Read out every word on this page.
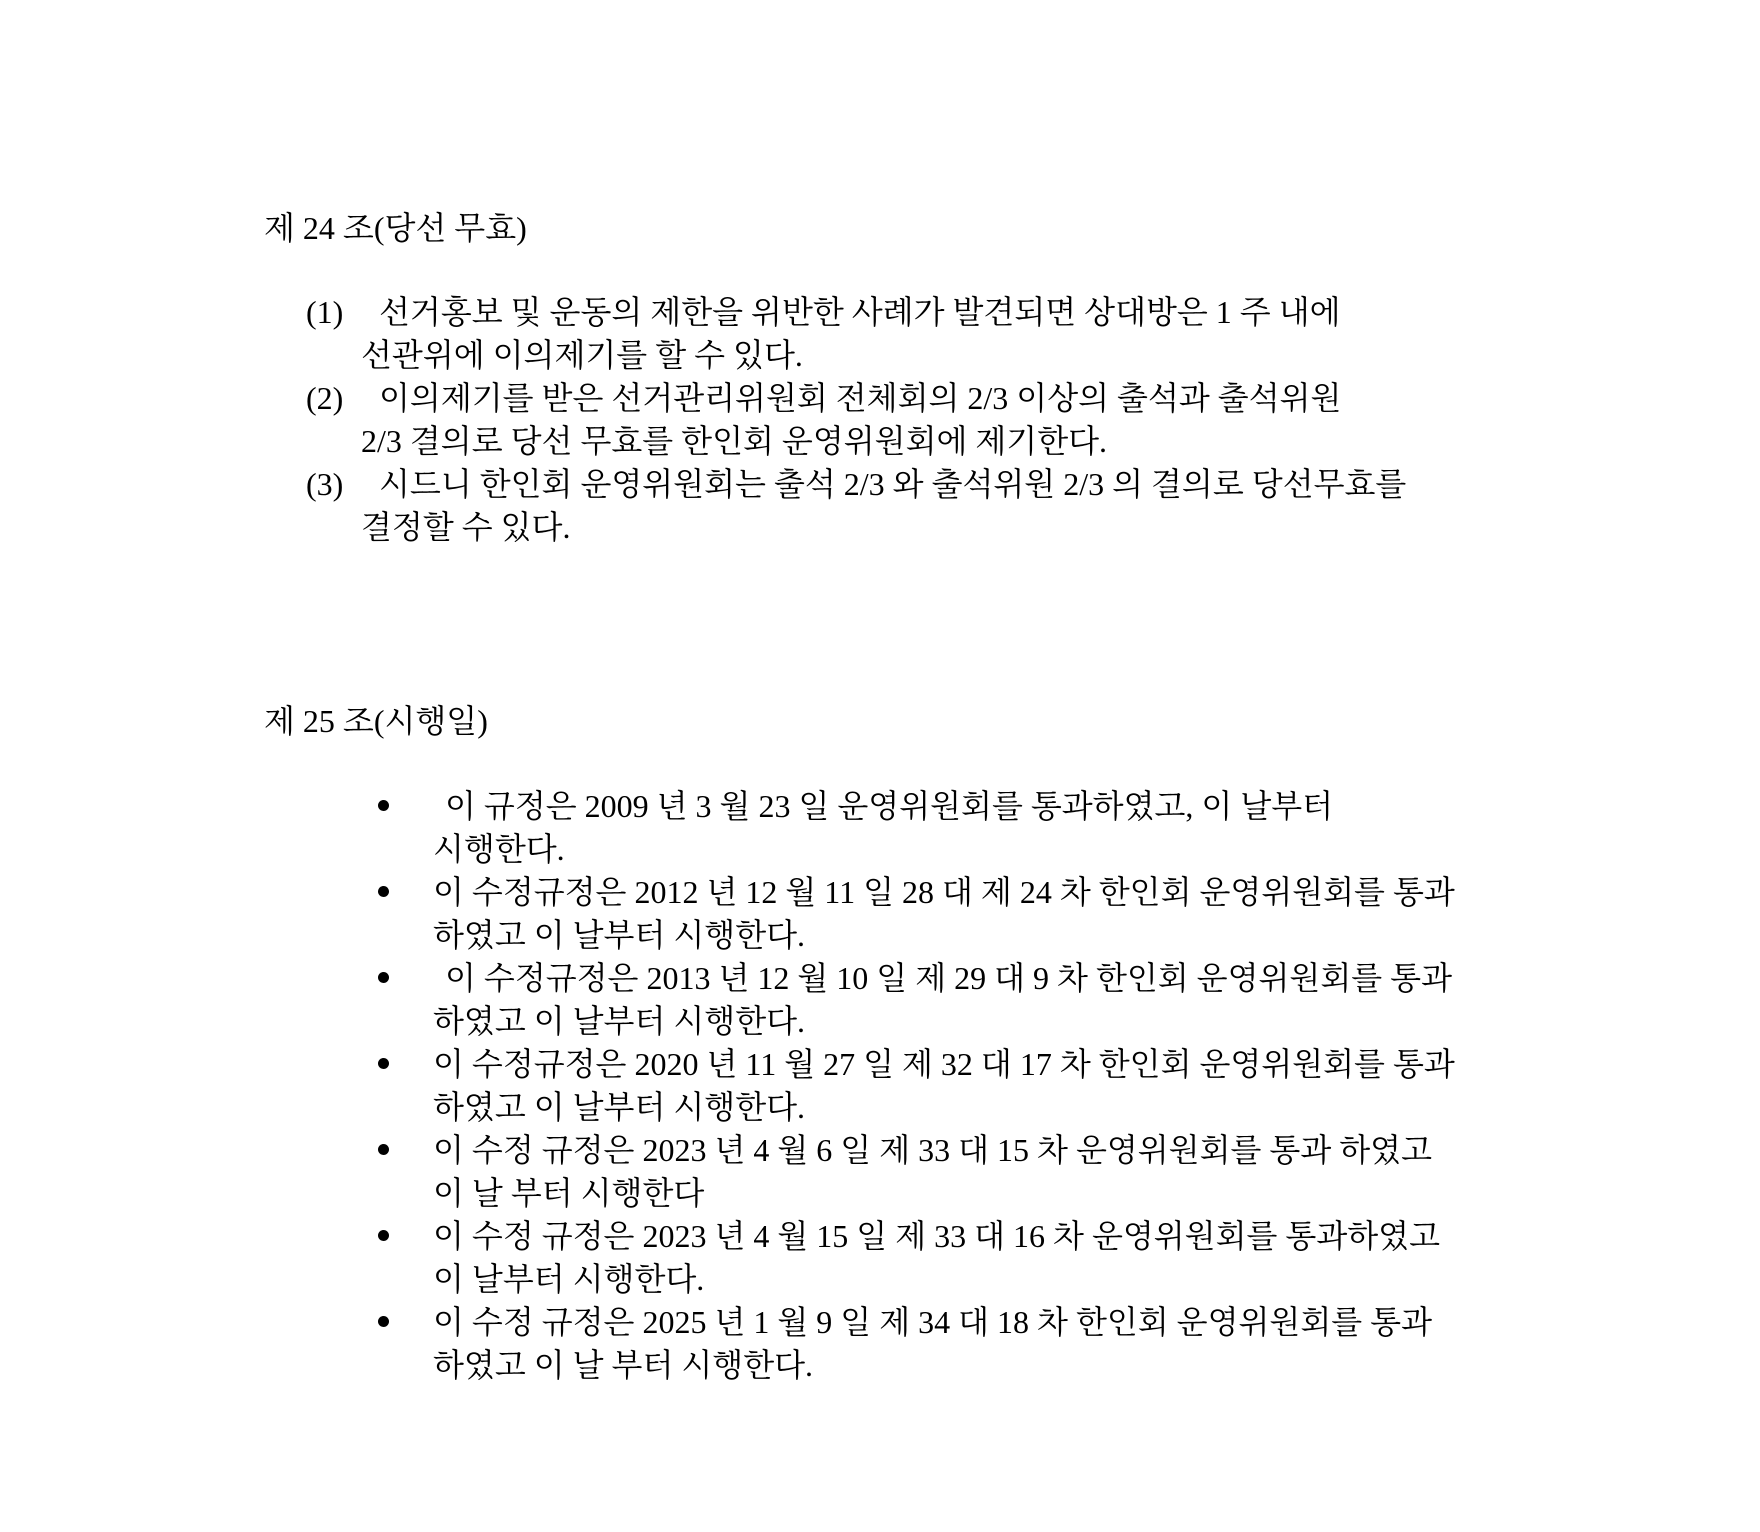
제 24 조(당선 무효)
(1)	선거홍보 및 운동의 제한을 위반한 사례가 발견되면 상대방은 1 주 내에
선관위에 이의제기를 할 수 있다.
(2)	이의제기를 받은 선거관리위원회 전체회의 2/3 이상의 출석과 출석위원
2/3 결의로 당선 무효를 한인회 운영위원회에 제기한다.
(3)	시드니 한인회 운영위원회는 출석 2/3 와 출석위원 2/3 의 결의로 당선무효를
결정할 수 있다.
제 25 조(시행일)
이 규정은 2009 년 3 월 23 일 운영위원회를 통과하였고, 이 날부터
시행한다.
이 수정규정은 2012 년 12 월 11 일 28 대 제 24 차 한인회 운영위원회를 통과
하였고 이 날부터 시행한다.
이 수정규정은 2013 년 12 월 10 일 제 29 대 9 차 한인회 운영위원회를 통과
하였고 이 날부터 시행한다.
이 수정규정은 2020 년 11 월 27 일 제 32 대 17 차 한인회 운영위원회를 통과
하였고 이 날부터 시행한다.
이 수정 규정은 2023 년 4 월 6 일 제 33 대 15 차 운영위원회를 통과 하였고
이 날 부터 시행한다
이 수정 규정은 2023 년 4 월 15 일 제 33 대 16 차 운영위원회를 통과하였고
이 날부터 시행한다.
이 수정 규정은 2025 년 1 월 9 일 제 34 대 18 차 한인회 운영위원회를 통과
하였고 이 날 부터 시행한다.
